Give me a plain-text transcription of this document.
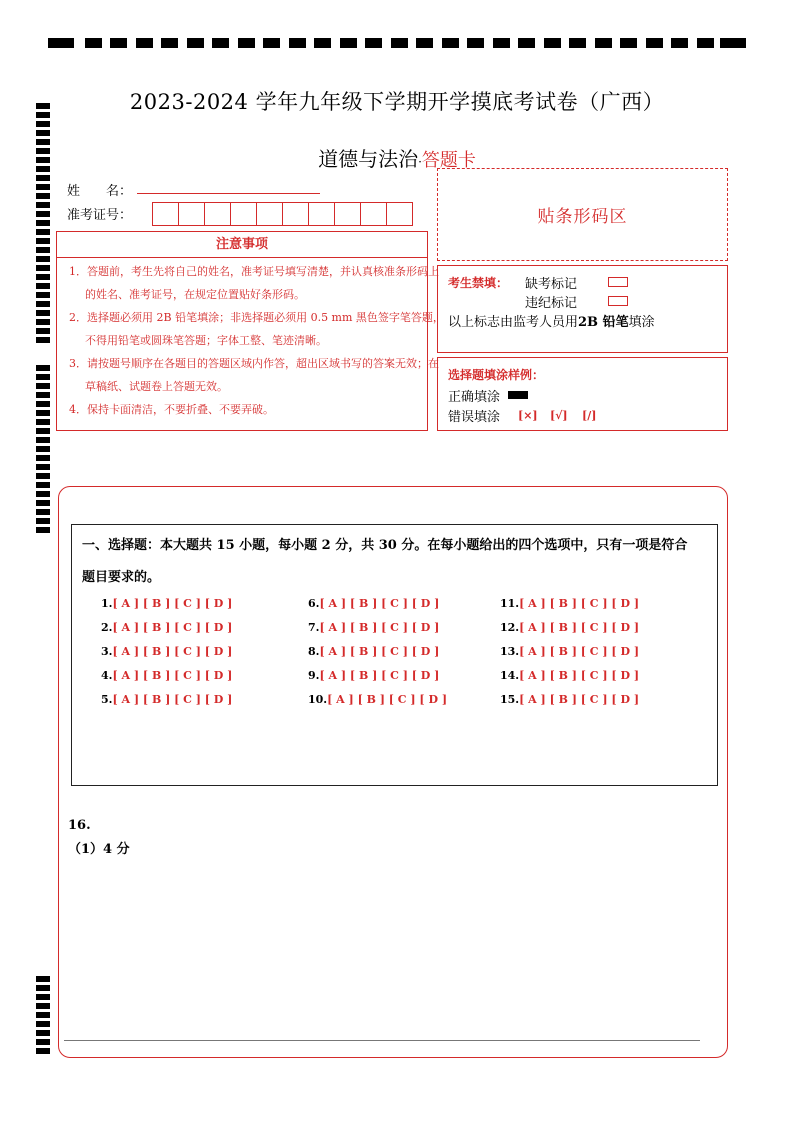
2023-2024 学年九年级下学期开学摸底考试卷（广西）
道德与法治·答题卡
姓　　名：
准考证号：	贴条形码区
注意事项
1．答题前，考生先将自己的姓名，准考证号填写清楚，并认真核准条形码上的姓名、准考证号，在规定位置贴好条形码。
2．选择题必须用 2B 铅笔填涂；非选择题必须用 0.5 mm 黑色签字笔答题，不得用铅笔或圆珠笔答题；字体工整、笔迹清晰。
3．请按题号顺序在各题目的答题区域内作答，超出区域书写的答案无效；在草稿纸、试题卷上答题无效。
4．保持卡面清洁，不要折叠、不要弄破。
考生禁填： 缺考标记
违纪标记
以上标志由监考人员用2B 铅笔填涂
选择题填涂样例：
正确填涂
错误填涂 [×] [√] [/]
一、选择题：本大题共 15 小题，每小题 2 分，共 30 分。在每小题给出的四个选项中，只有一项是符合
题目要求的。
1.[ A ] [ B ] [ C ] [ D ]
2.[ A ] [ B ] [ C ] [ D ]
3.[ A ] [ B ] [ C ] [ D ]
4.[ A ] [ B ] [ C ] [ D ]
5.[ A ] [ B ] [ C ] [ D ]
6.[ A ] [ B ] [ C ] [ D ]
7.[ A ] [ B ] [ C ] [ D ]
8.[ A ] [ B ] [ C ] [ D ]
9.[ A ] [ B ] [ C ] [ D ]
10.[ A ] [ B ] [ C ] [ D ]
11.[ A ] [ B ] [ C ] [ D ]
12.[ A ] [ B ] [ C ] [ D ]
13.[ A ] [ B ] [ C ] [ D ]
14.[ A ] [ B ] [ C ] [ D ]
15.[ A ] [ B ] [ C ] [ D ]
16.
（1）4 分
